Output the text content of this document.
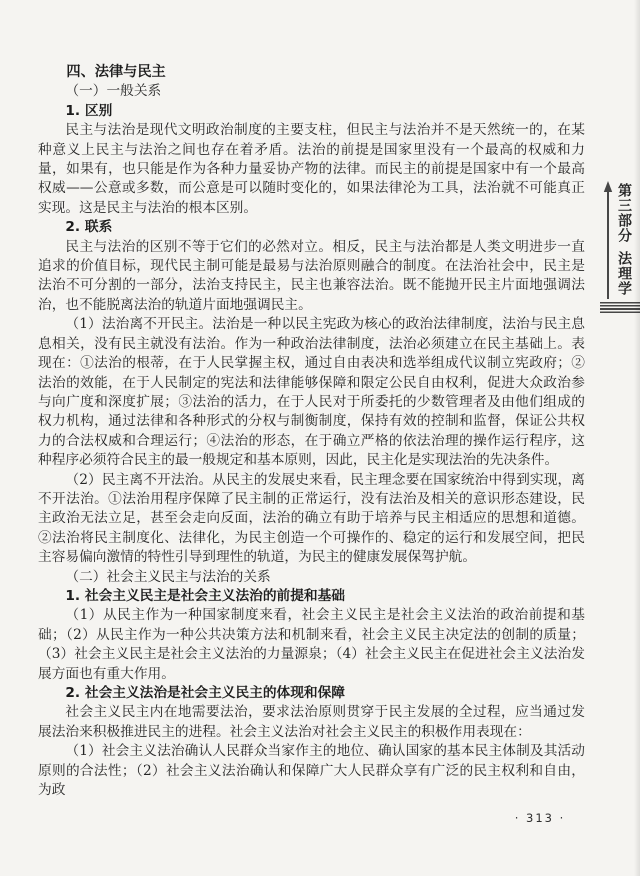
四、法律与民主
（一）一般关系
1. 区别
民主与法治是现代文明政治制度的主要支柱，但民主与法治并不是天然统一的，在某种意义上民主与法治之间也存在着矛盾。法治的前提是国家里没有一个最高的权威和力量，如果有，也只能是作为各种力量妥协产物的法律。而民主的前提是国家中有一个最高权威——公意或多数，而公意是可以随时变化的，如果法律沦为工具，法治就不可能真正实现。这是民主与法治的根本区别。
2. 联系
民主与法治的区别不等于它们的必然对立。相反，民主与法治都是人类文明进步一直追求的价值目标，现代民主制可能是最易与法治原则融合的制度。在法治社会中，民主是法治不可分割的一部分，法治支持民主，民主也兼容法治。既不能抛开民主片面地强调法治，也不能脱离法治的轨道片面地强调民主。
（1）法治离不开民主。法治是一种以民主宪政为核心的政治法律制度，法治与民主息息相关，没有民主就没有法治。作为一种政治法律制度，法治必须建立在民主基础上。表现在：①法治的根蒂，在于人民掌握主权，通过自由表决和选举组成代议制立宪政府；②法治的效能，在于人民制定的宪法和法律能够保障和限定公民自由权利，促进大众政治参与向广度和深度扩展；③法治的活力，在于人民对于所委托的少数管理者及由他们组成的权力机构，通过法律和各种形式的分权与制衡制度，保持有效的控制和监督，保证公共权力的合法权威和合理运行；④法治的形态，在于确立严格的依法治理的操作运行程序，这种程序必须符合民主的最一般规定和基本原则，因此，民主化是实现法治的先决条件。
（2）民主离不开法治。从民主的发展史来看，民主理念要在国家统治中得到实现，离不开法治。①法治用程序保障了民主制的正常运行，没有法治及相关的意识形态建设，民主政治无法立足，甚至会走向反面，法治的确立有助于培养与民主相适应的思想和道德。②法治将民主制度化、法律化，为民主创造一个可操作的、稳定的运行和发展空间，把民主容易偏向激情的特性引导到理性的轨道，为民主的健康发展保驾护航。
（二）社会主义民主与法治的关系
1. 社会主义民主是社会主义法治的前提和基础
（1）从民主作为一种国家制度来看，社会主义民主是社会主义法治的政治前提和基础；（2）从民主作为一种公共决策方法和机制来看，社会主义民主决定法的创制的质量；（3）社会主义民主是社会主义法治的力量源泉；（4）社会主义民主在促进社会主义法治发展方面也有重大作用。
2. 社会主义法治是社会主义民主的体现和保障
社会主义民主内在地需要法治，要求法治原则贯穿于民主发展的全过程，应当通过发展法治来积极推进民主的进程。社会主义法治对社会主义民主的积极作用表现在：
（1）社会主义法治确认人民群众当家作主的地位、确认国家的基本民主体制及其活动原则的合法性；（2）社会主义法治确认和保障广大人民群众享有广泛的民主权利和自由，为政
第三部分
法理学
· 313 ·
